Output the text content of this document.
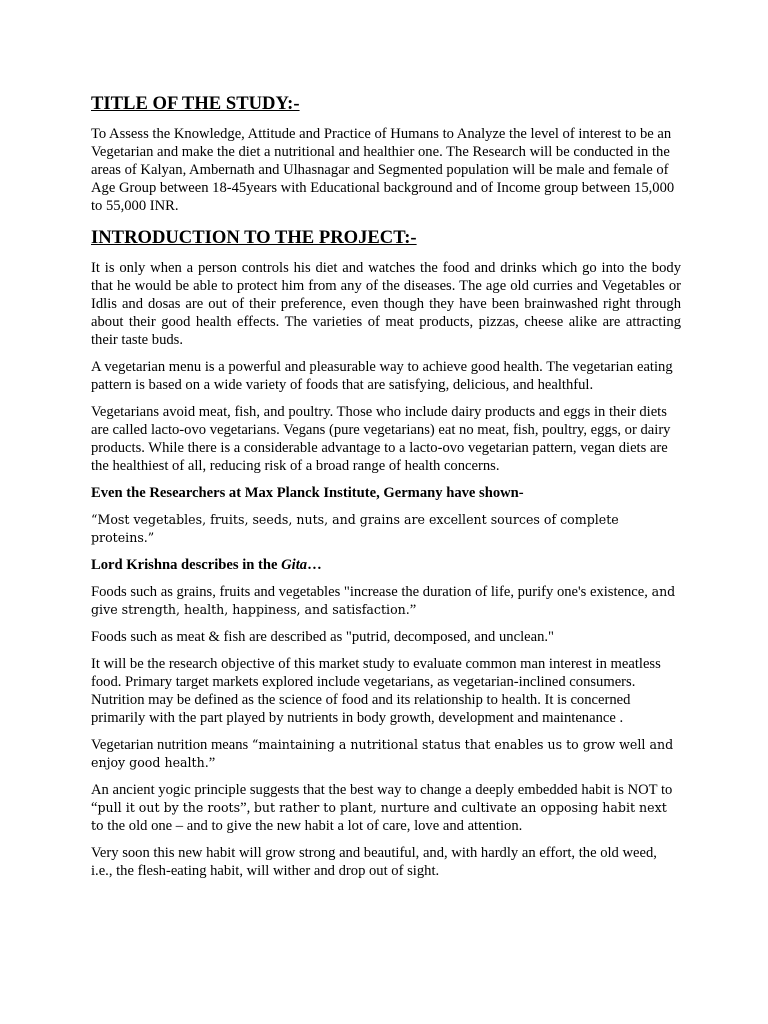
TITLE OF THE STUDY:-

To Assess the Knowledge, Attitude and Practice of Humans to Analyze the level of interest to be an Vegetarian and make the diet a nutritional and healthier one. The Research will be conducted in the areas of Kalyan, Ambernath and Ulhasnagar and Segmented population will be male and female of Age Group between 18-45years with Educational background and of Income group between 15,000 to 55,000 INR.

INTRODUCTION TO THE PROJECT:-

It is only when a person controls his diet and watches the food and drinks which go into the body that he would be able to protect him from any of the diseases. The age old curries and Vegetables or Idlis and dosas are out of their preference, even though they have been brainwashed right through about their good health effects. The varieties of meat products, pizzas, cheese alike are attracting their taste buds.

A vegetarian menu is a powerful and pleasurable way to achieve good health. The vegetarian eating pattern is based on a wide variety of foods that are satisfying, delicious, and healthful.

Vegetarians avoid meat, fish, and poultry. Those who include dairy products and eggs in their diets are called lacto-ovo vegetarians. Vegans (pure vegetarians) eat no meat, fish, poultry, eggs, or dairy products. While there is a considerable advantage to a lacto-ovo vegetarian pattern, vegan diets are the healthiest of all, reducing risk of a broad range of health concerns.

Even the Researchers at Max Planck Institute, Germany have shown-

“Most vegetables, fruits, seeds, nuts, and grains are excellent sources of complete proteins.”

Lord Krishna describes in the Gita…

Foods such as grains, fruits and vegetables "increase the duration of life, purify one's existence, and give strength, health, happiness, and satisfaction.”

Foods such as meat & fish are described as "putrid, decomposed, and unclean."

It will be the research objective of this market study to evaluate common man interest in meatless food. Primary target markets explored include vegetarians, as vegetarian-inclined consumers. Nutrition may be defined as the science of food and its relationship to health. It is concerned primarily with the part played by nutrients in body growth, development and maintenance .

Vegetarian nutrition means “maintaining a nutritional status that enables us to grow well and enjoy good health.”

An ancient yogic principle suggests that the best way to change a deeply embedded habit is NOT to “pull it out by the roots”, but rather to plant, nurture and cultivate an opposing habit next to the old one – and to give the new habit a lot of care, love and attention.

Very soon this new habit will grow strong and beautiful, and, with hardly an effort, the old weed, i.e., the flesh-eating habit, will wither and drop out of sight.
